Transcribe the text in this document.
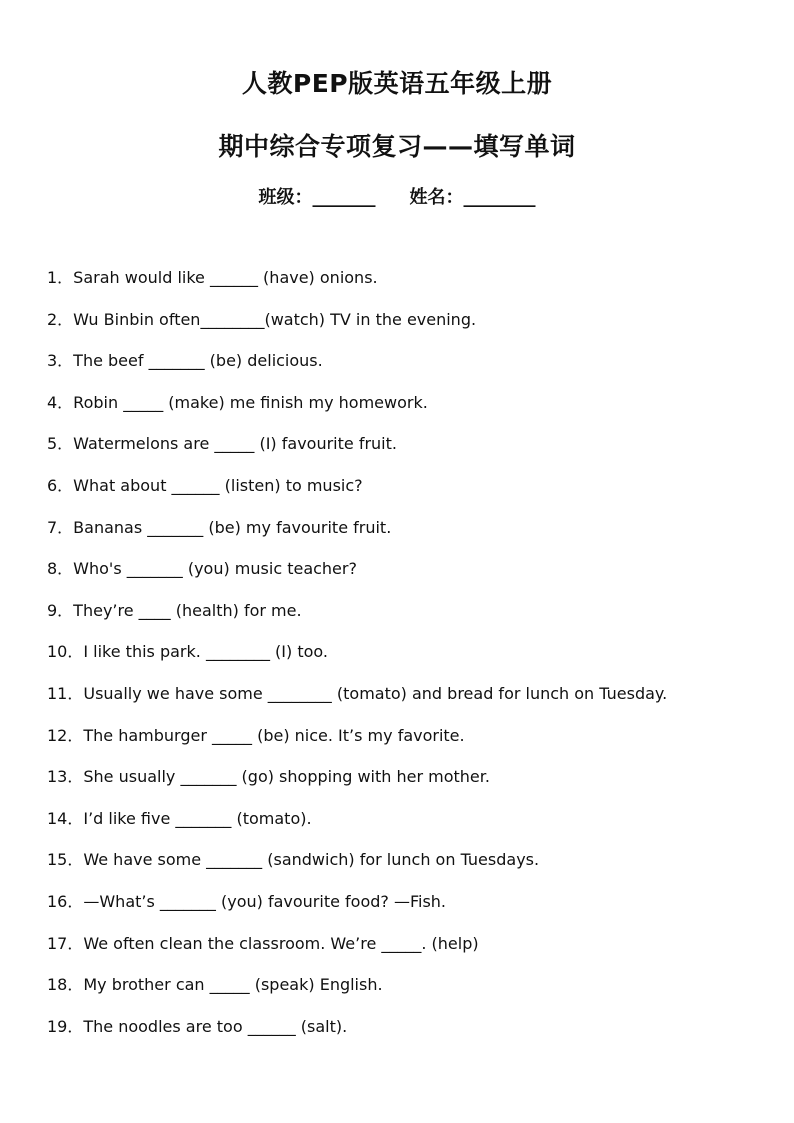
人教PEP版英语五年级上册
期中综合专项复习——填写单词
班级：_______ 姓名：________
1．Sarah would like ______ (have) onions.
2．Wu Binbin often________(watch) TV in the evening.
3．The beef _______ (be) delicious.
4．Robin _____ (make) me finish my homework.
5．Watermelons are _____ (I) favourite fruit.
6．What about ______ (listen) to music?
7．Bananas _______ (be) my favourite fruit.
8．Who's _______ (you) music teacher?
9．They’re ____ (health) for me.
10．I like this park. ________ (I) too.
11．Usually we have some ________ (tomato) and bread for lunch on Tuesday.
12．The hamburger _____ (be) nice. It’s my favorite.
13．She usually _______ (go) shopping with her mother.
14．I’d like five _______ (tomato).
15．We have some _______ (sandwich) for lunch on Tuesdays.
16．—What’s _______ (you) favourite food? —Fish.
17．We often clean the classroom. We’re _____. (help)
18．My brother can _____ (speak) English.
19．The noodles are too ______ (salt).
